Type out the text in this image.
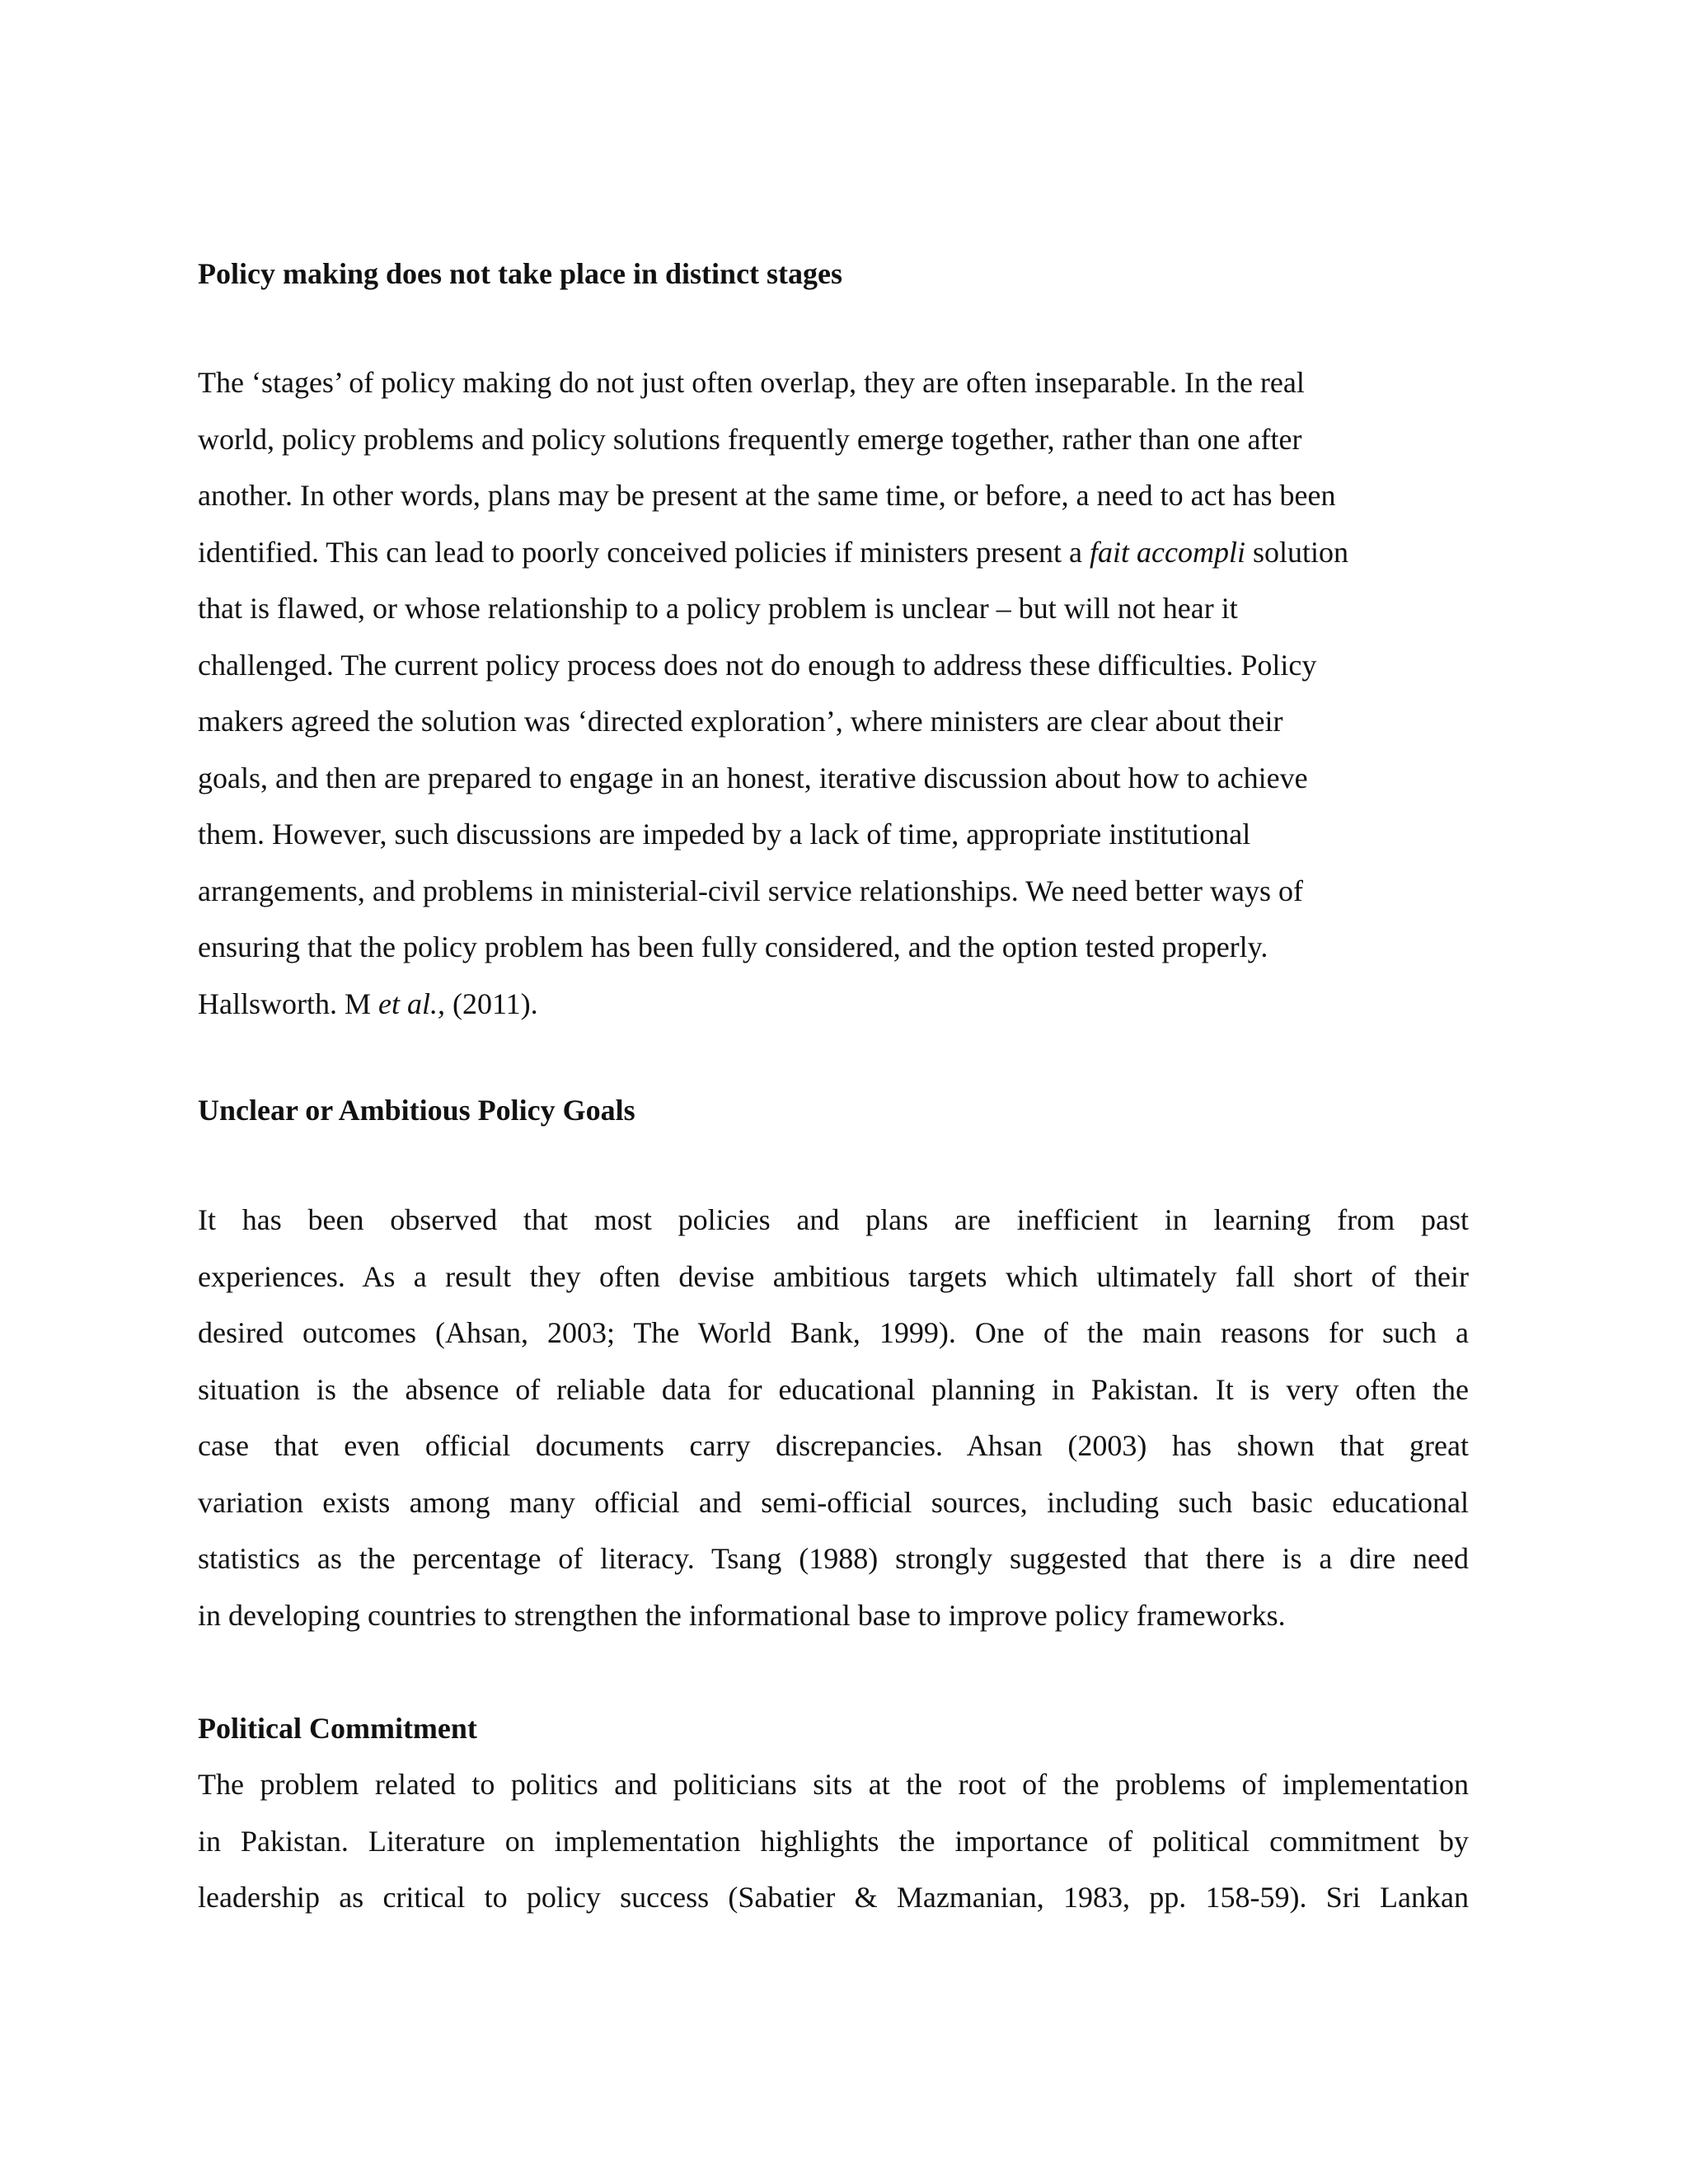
Policy making does not take place in distinct stages
The ‘stages’ of policy making do not just often overlap, they are often inseparable. In the real
world, policy problems and policy solutions frequently emerge together, rather than one after
another. In other words, plans may be present at the same time, or before, a need to act has been
identified. This can lead to poorly conceived policies if ministers present a fait accompli solution
that is flawed, or whose relationship to a policy problem is unclear – but will not hear it
challenged. The current policy process does not do enough to address these difficulties. Policy
makers agreed the solution was ‘directed exploration’, where ministers are clear about their
goals, and then are prepared to engage in an honest, iterative discussion about how to achieve
them. However, such discussions are impeded by a lack of time, appropriate institutional
arrangements, and problems in ministerial-civil service relationships. We need better ways of
ensuring that the policy problem has been fully considered, and the option tested properly.
Hallsworth. M et al., (2011).
Unclear or Ambitious Policy Goals
It has been observed that most policies and plans are inefficient in learning from past
experiences. As a result they often devise ambitious targets which ultimately fall short of their
desired outcomes (Ahsan, 2003; The World Bank, 1999). One of the main reasons for such a
situation is the absence of reliable data for educational planning in Pakistan. It is very often the
case that even official documents carry discrepancies. Ahsan (2003) has shown that great
variation exists among many official and semi-official sources, including such basic educational
statistics as the percentage of literacy. Tsang (1988) strongly suggested that there is a dire need
in developing countries to strengthen the informational base to improve policy frameworks.
Political Commitment
The problem related to politics and politicians sits at the root of the problems of implementation
in Pakistan. Literature on implementation highlights the importance of political commitment by
leadership as critical to policy success (Sabatier & Mazmanian, 1983, pp. 158-59). Sri Lankan
